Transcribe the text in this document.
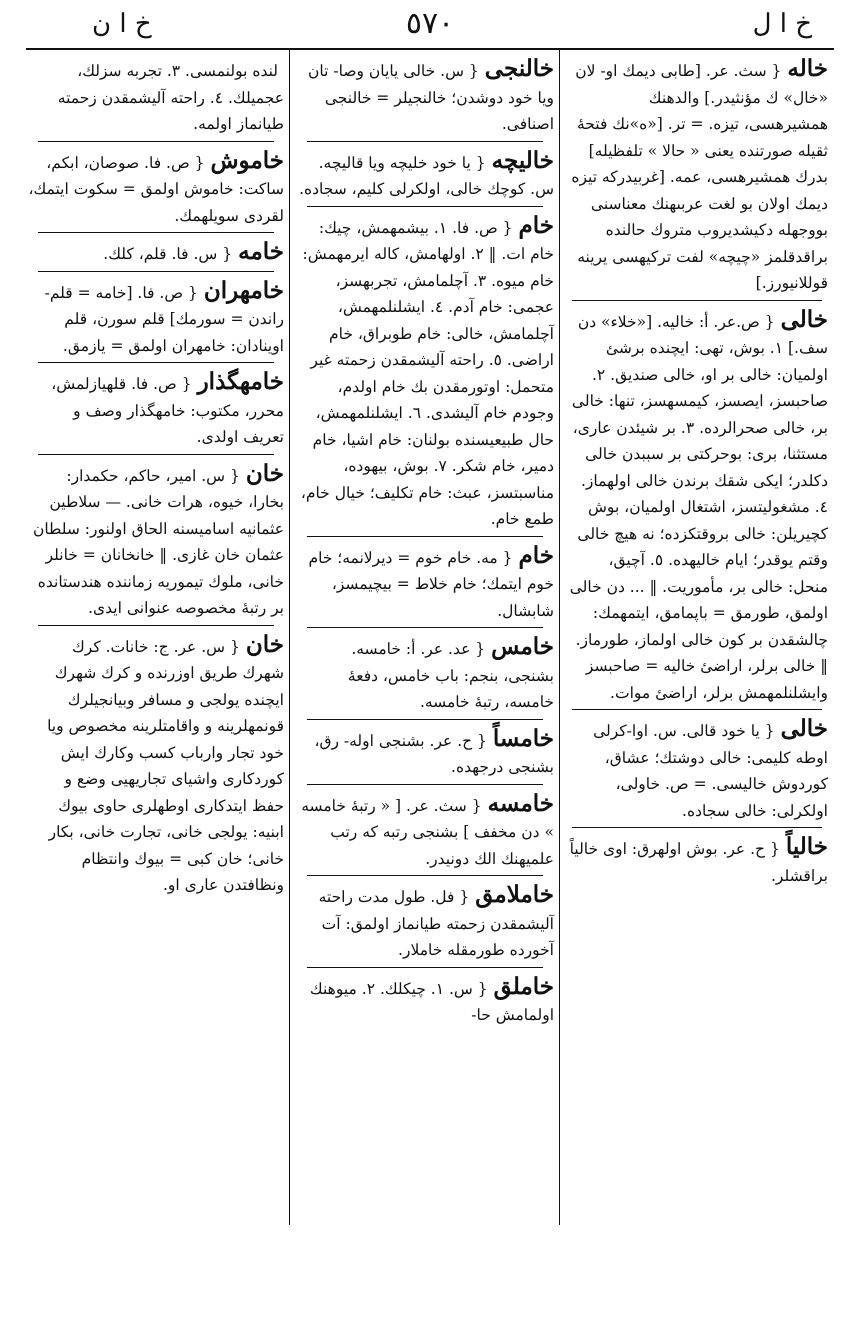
خ ا ل
٥٧٠
خ ا ن
خاله{ سث. عر. [طابى ديمك او- لان «خال» ك مؤنثيدر.] والدهنك همشيرهسى، تيزه. = تر. [«ه»نك فتحهٔ ثقيله صورتنده يعنى « حالا » تلفظيله] بدرك همشيرهسى، عمه. [غربيدركه تيزه ديمك اولان بو لغت عربىهنك معناسنى بووجهله دكيشديروب متروك حالنده براقدقلمز «چيچه» لفت تركيهسى يرينه قوللانيورز.]
خالى{ ص.عر. أ: خاليه. [«خلاء» دن سف.] ١. بوش، تهى: ايچنده برشئ اولميان: خالى بر او، خالى صنديق. ٢. صاحبسز، ايصسز، كيمسهسز، تنها: خالى بر، خالى صحرالرده. ٣. بر شيئدن عارى، مستثنا، برى: بوحركتى بر سببدن خالى دكلدر؛ ايكى شقك برندن خالى اولهماز. ٤. مشغوليتسز، اشتغال اولميان، بوش كچيريلن: خالى بروقتكزده؛ نه هيچ خالى وقتم يوقدر؛ ايام خاليهده. ٥. آچيق، منحل: خالى بر، مأموريت. ‖ ... دن خالى اولمق، طورمق = باپمامق، ايتمهمك: چالشقدن بر كون خالى اولماز، طورماز. ‖ خالى برلر، اراضىٔ خاليه = صاحبسز وايشلنلمهمش برلر، اراضىٔ موات.
خالى{ يا خود قالى. س. اوا-كرلى اوطه كليمى: خالى دوشتك؛ عشاق، كوردوش خاليسى. = ص. خاولى، اولكرلى: خالى سجاده.
خالياً{ ح. عر. بوش اولهرق: اوى خالياً براقشلر.
خالنجى{ س. خالى يايان وصا- تان ويا خود دوشدن؛ خالنجيلر = خالنجى اصنافى.
خاليچه{ يا خود خليچه ويا قاليچه. س. كوچك خالى، اولكرلى كليم، سجاده.
خام{ ص. فا. ١. بيشمهمش، چيك: خام ات. ‖ ٢. اولهامش، كاله ايرمهمش: خام ميوه. ٣. آچلمامش، تجربهسز، عجمى: خام آدم. ٤. ايشلنلمهمش، آچلمامش، خالى: خام طوبراق، خام اراضى. ٥. راحته آليشمقدن زحمته غير متحمل: اوتورمقدن بك خام اولدم، وجودم خام آليشدى. ٦. ايشلنلمهمش، حال طبيعيسنده بولنان: خام اشيا، خام دمير، خام شكر. ٧. بوش، بيهوده، مناسبتسز، عبث: خام تكليف؛ خيال خام، طمع خام.
خام{ مه. خام خوم = ديرلانمه؛ خام خوم ايتمك؛ خام خلاط = بيچيمسز، شابشال.
خامس{ عد. عر. أ: خامسه. بشنجى، بنجم: باب خامس، دفعهٔ خامسه، رتبهٔ خامسه.
خامساً{ ح. عر. بشنجى اوله- رق، بشنجى درجهده.
خامسه{ سث. عر. [ « رتبهٔ خامسه » دن مخفف ] بشنجى رتبه كه رتب علميهنك الك دونيدر.
خاملامق{ فل. طول مدت راحته آليشمقدن زحمته طيانماز اولمق: آت آخورده طورمقله خاملار.
خاملق{ س. ١. چيكلك. ٢. ميوهنك اولمامش حا-
لنده بولنمسى. ٣. تجربه سزلك، عجميلك. ٤. راحته آليشمقدن زحمته طيانماز اولمه.
خاموش{ ص. فا. صوصان، ابكم، ساكت: خاموش اولمق = سكوت ايتمك، لقردى سويلهمك.
خامه{ س. فا. قلم، كلك.
خامهران{ ص. فا. [خامه = قلم- راندن = سورمك] قلم سورن، قلم اوينادان: خامهران اولمق = يازمق.
خامهگذار{ ص. فا. قلهيازلمش، محرر، مكتوب: خامهگذار وصف و تعريف اولدى.
خان{ س. امير، حاكم، حكمدار: بخارا، خيوه، هرات خانى. — سلاطين عثمانيه اساميسنه الحاق اولنور: سلطان عثمان خان غازى. ‖ خانخانان = خانلر خانى، ملوك تيموريه زماننده هندستانده بر رتبهٔ مخصوصه عنوانى ايدى.
خان{ س. عر. ج: خانات. كرك شهرك طريق اوزرنده و كرك شهرك ايچنده يولجى و مسافر وبيانجيلرك قونمهلرينه و واقامتلرينه مخصوص ويا خود تجار وارباب كسب وكارك ايش كوردكارى واشياى تجاريهيى وضع و حفظ ايتدكارى اوطهلرى حاوى بيوك ابنيه: يولجى خانى، تجارت خانى، بكار خانى؛ خان كبى = بيوك وانتظام ونظافتدن عارى او.
